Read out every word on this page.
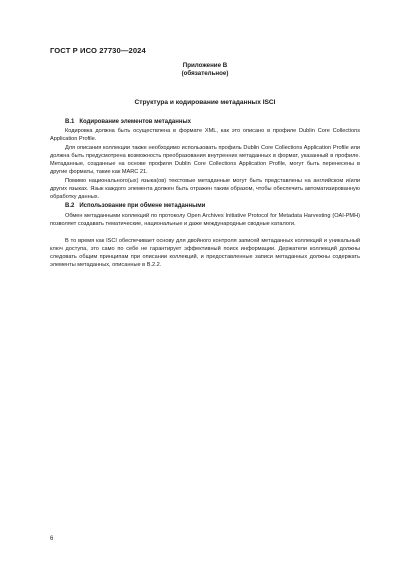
ГОСТ Р ИСО 27730—2024
Приложение В
(обязательное)
Структура и кодирование метаданных ISCI
В.1 Кодирование элементов метаданных

Кодировка должна быть осуществлена в формате XML, как это описано в профиле Dublin Core Collections Application Profile.

Для описания коллекции также необходимо использовать профиль Dublin Core Collections Application Profile или должна быть предусмотрена возможность преобразования внутренних метаданных в формат, указанный в профиле. Метаданные, созданные на основе профиля Dublin Core Collections Application Profile, могут быть перенесены в другие форматы, такие как MARC 21.

Помимо национального(ых) языка(ов) текстовые метаданные могут быть представлены на английском и/или других языках. Язык каждого элемента должен быть отражен таким образом, чтобы обеспечить автоматизированную обработку данных.

В.2 Использование при обмене метаданными

Обмен метаданными коллекций по протоколу Open Archives Initiative Protocol for Metadata Harvesting (OAI-PMH) позволяет создавать тематические, национальные и даже международные сводные каталоги.

В то время как ISCI обеспечивает основу для двойного контроля записей метаданных коллекций и уникальный ключ доступа, это само по себе не гарантирует эффективный поиск информации. Держатели коллекций должны следовать общим принципам при описании коллекций, и предоставленные записи метаданных должны содержать элементы метаданных, описанные в В.2.2.

6
